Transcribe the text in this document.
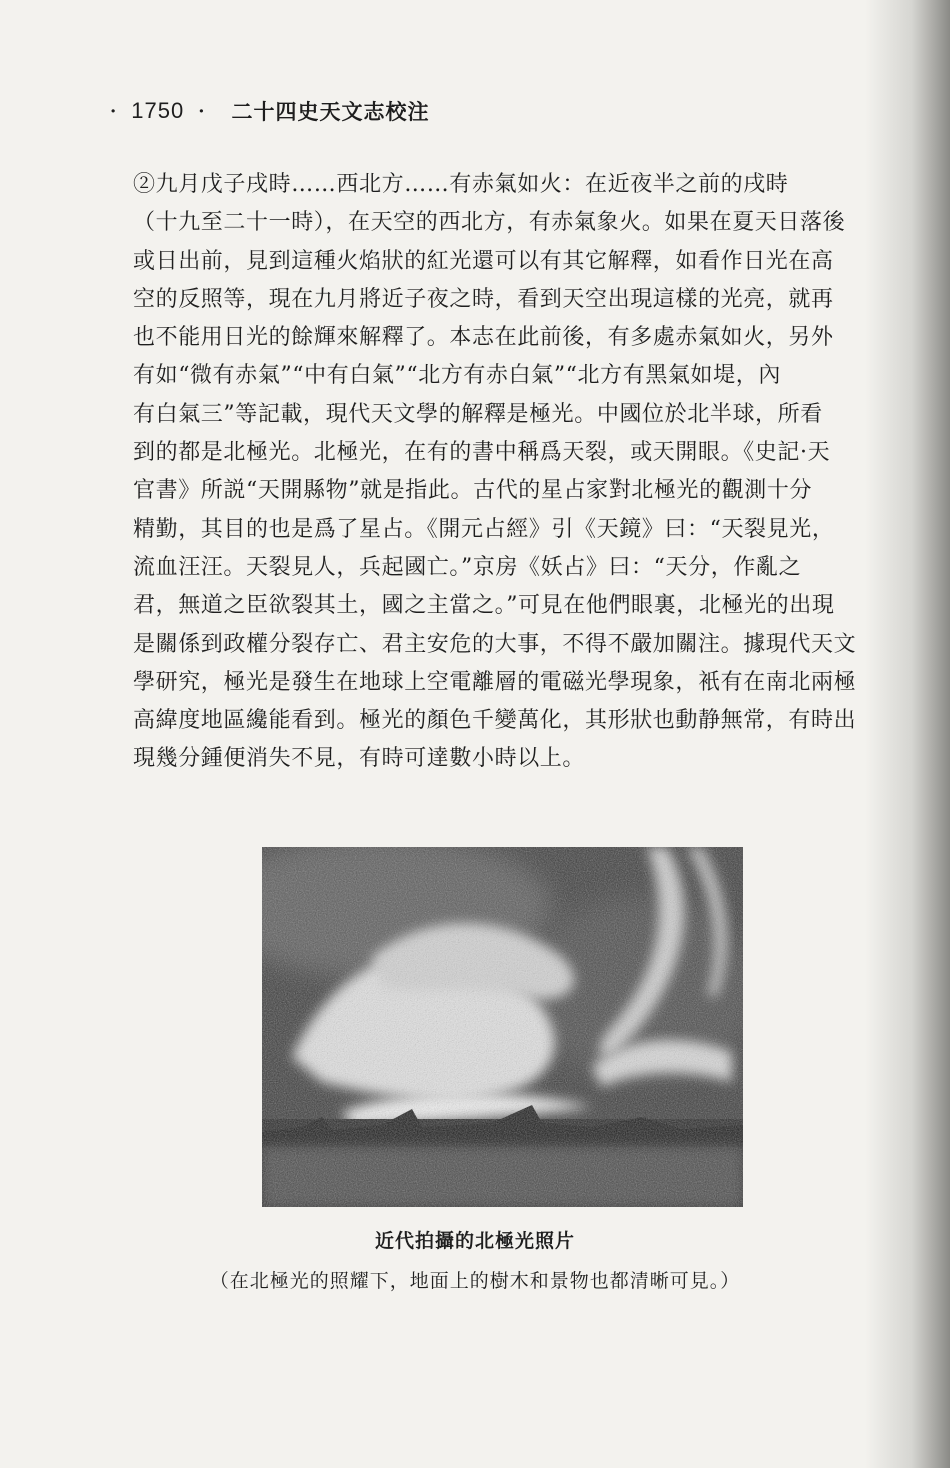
· 1750 · 二十四史天文志校注
②九月戊子戌時……西北方……有赤氣如火：在近夜半之前的戌時
（十九至二十一時），在天空的西北方，有赤氣象火。如果在夏天日落後
或日出前，見到這種火焰狀的紅光還可以有其它解釋，如看作日光在高
空的反照等，現在九月將近子夜之時，看到天空出現這樣的光亮，就再
也不能用日光的餘輝來解釋了。本志在此前後，有多處赤氣如火，另外
有如“微有赤氣”“中有白氣”“北方有赤白氣”“北方有黑氣如堤，內
有白氣三”等記載，現代天文學的解釋是極光。中國位於北半球，所看
到的都是北極光。北極光，在有的書中稱爲天裂，或天開眼。《史記·天
官書》所説“天開縣物”就是指此。古代的星占家對北極光的觀測十分
精勤，其目的也是爲了星占。《開元占經》引《天鏡》曰：“天裂見光，
流血汪汪。天裂見人，兵起國亡。”京房《妖占》曰：“天分，作亂之
君，無道之臣欲裂其土，國之主當之。”可見在他們眼裏，北極光的出現
是關係到政權分裂存亡、君主安危的大事，不得不嚴加關注。據現代天文
學研究，極光是發生在地球上空電離層的電磁光學現象，衹有在南北兩極
高緯度地區纔能看到。極光的顏色千變萬化，其形狀也動静無常，有時出
現幾分鍾便消失不見，有時可達數小時以上。
近代拍攝的北極光照片
（在北極光的照耀下，地面上的樹木和景物也都清晰可見。）
